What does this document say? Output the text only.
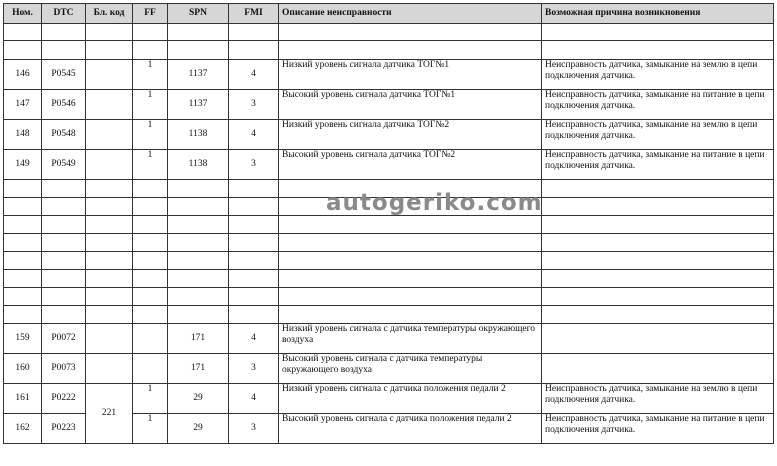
Ном.	DTC	Бл. код	FF	SPN	FMI	Описание неисправности	Возможная причина возникновения

146	P0545		1	1137	4	Низкий уровень сигнала датчика ТОГ№1	Неисправность датчика, замыкание на землю в цепи подключения датчика.
147	P0546		1	1137	3	Высокий уровень сигнала датчика ТОГ№1	Неисправность датчика, замыкание на питание в цепи подключения датчика.
148	P0548		1	1138	4	Низкий уровень сигнала датчика ТОГ№2	Неисправность датчика, замыкание на землю в цепи подключения датчика.
149	P0549		1	1138	3	Высокий уровень сигнала датчика ТОГ№2	Неисправность датчика, замыкание на питание в цепи подключения датчика.

159	P0072			171	4	Низкий уровень сигнала с датчика температуры окружающего воздуха	
160	P0073			171	3	Высокий уровень сигнала с датчика температуры окружающего воздуха	
161	P0222	221	1	29	4	Низкий уровень сигнала с датчика положения педали 2	Неисправность датчика, замыкание на землю в цепи подключения датчика.
162	P0223		1	29	3	Высокий уровень сигнала с датчика положения педали 2	Неисправность датчика, замыкание на питание в цепи подключения датчика.
autogeriko.com
